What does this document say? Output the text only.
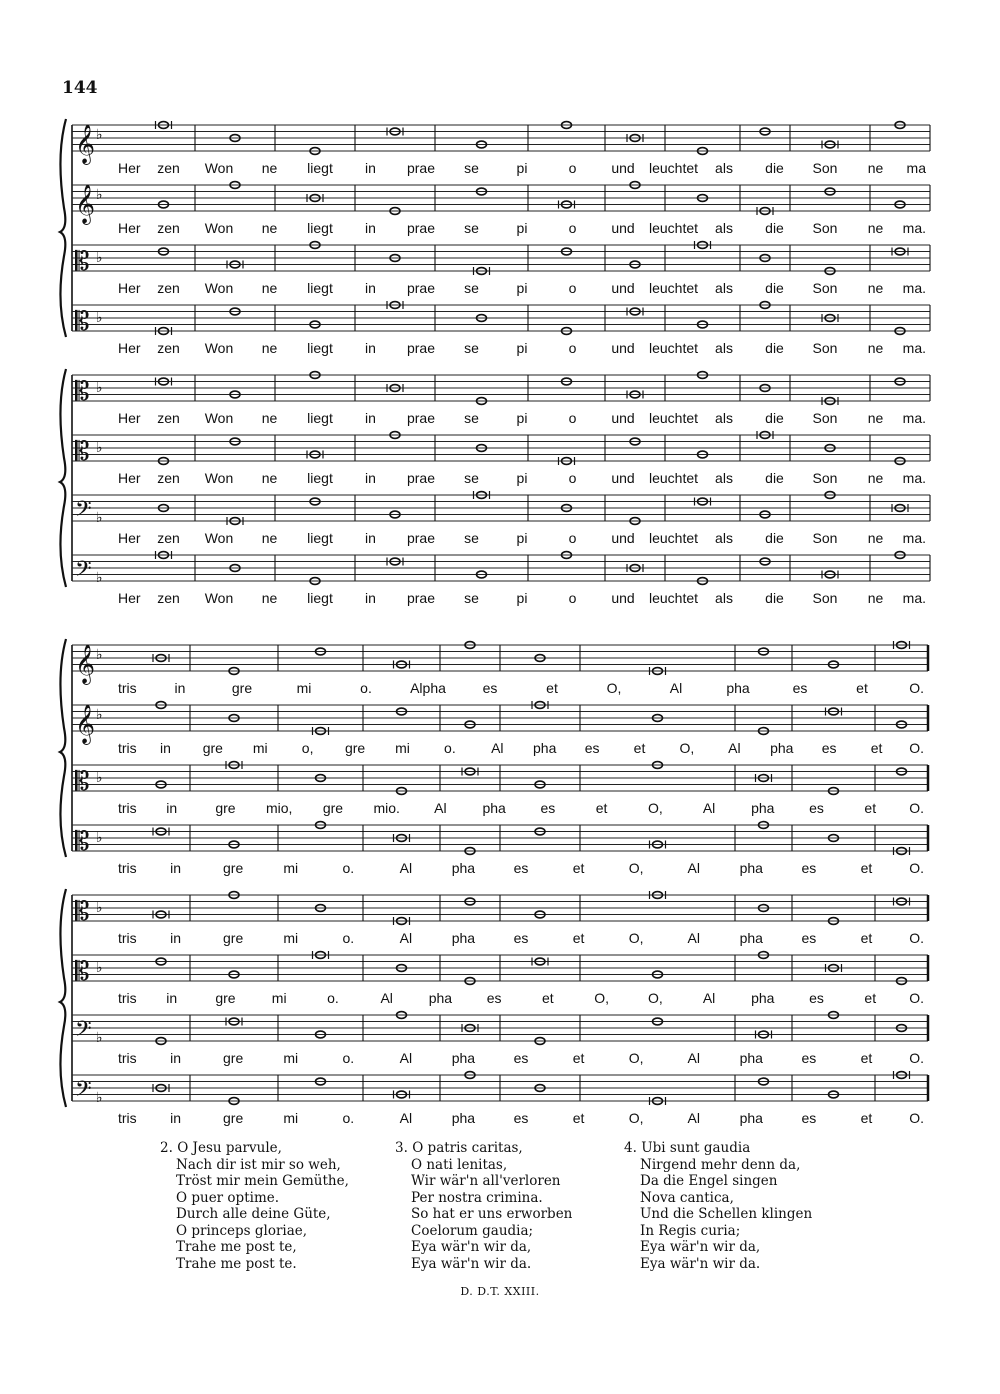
144
𝄞 ♭
Her zen Won ne liegt in prae se	pi	o und leuchtet als die Son ne ma
𝄞 ♭
Her zen Won ne liegt in prae se	pi	o und leuchtet als die Son ne ma.
𝄡 ♭
Her zen Won ne liegt in prae se	pi	o und leuchtet als die Son ne ma.
𝄡 ♭
Her zen Won ne liegt in prae se	pi	o und leuchtet als die Son ne ma.
𝄡 ♭
Her zen Won ne liegt in prae se	pi	o und leuchtet als die Son ne ma.
𝄡 ♭
Her zen Won ne liegt in prae se	pi	o und leuchtet als die Son ne ma.
𝄢 ♭
Her zen Won ne liegt in prae se	pi	o und leuchtet als die Son ne ma.
𝄢 ♭
Her zen Won ne liegt in prae se	pi	o und leuchtet als die Son ne ma.
𝄞 ♭
tris	in	gre	mi	o.	Alpha	es	et	O,	Al	pha	es	et	O.
𝄞 ♭
tris in gre mi o, gre mi o.	Al pha es et O, Al pha es et O.
𝄡 ♭
tris in	gre mio, gre mio. Al	pha es	et	O,	Al	pha es	et O.
𝄡 ♭
tris in	gre	mi	o.	Al	pha	es	et	O,	Al	pha	es	et	O.
𝄡 ♭
tris in	gre	mi	o.	Al	pha	es	et	O,	Al	pha	es	et	O.
𝄡 ♭
tris in	gre	mi	o.	Al	pha es	et	O,	O,	Al	pha es	et O.
𝄢 ♭
tris in	gre	mi	o.	Al	pha	es	et	O,	Al	pha	es	et	O.
𝄢 ♭
tris in	gre	mi	o.	Al	pha	es	et	O,	Al	pha	es	et	O.
2. O Jesu parvule,
Nach dir ist mir so weh,
Tröst mir mein Gemüthe,
O puer optime.
Durch alle deine Güte,
O princeps gloriae,
Trahe me post te,
Trahe me post te.
3. O patris caritas,
O nati lenitas,
Wir wär'n all'verloren
Per nostra crimina.
So hat er uns erworben
Coelorum gaudia;
Eya wär'n wir da,
Eya wär'n wir da.
4. Ubi sunt gaudia
Nirgend mehr denn da,
Da die Engel singen
Nova cantica,
Und die Schellen klingen
In Regis curia;
Eya wär'n wir da,
Eya wär'n wir da.
D. D.T. XXIII.
